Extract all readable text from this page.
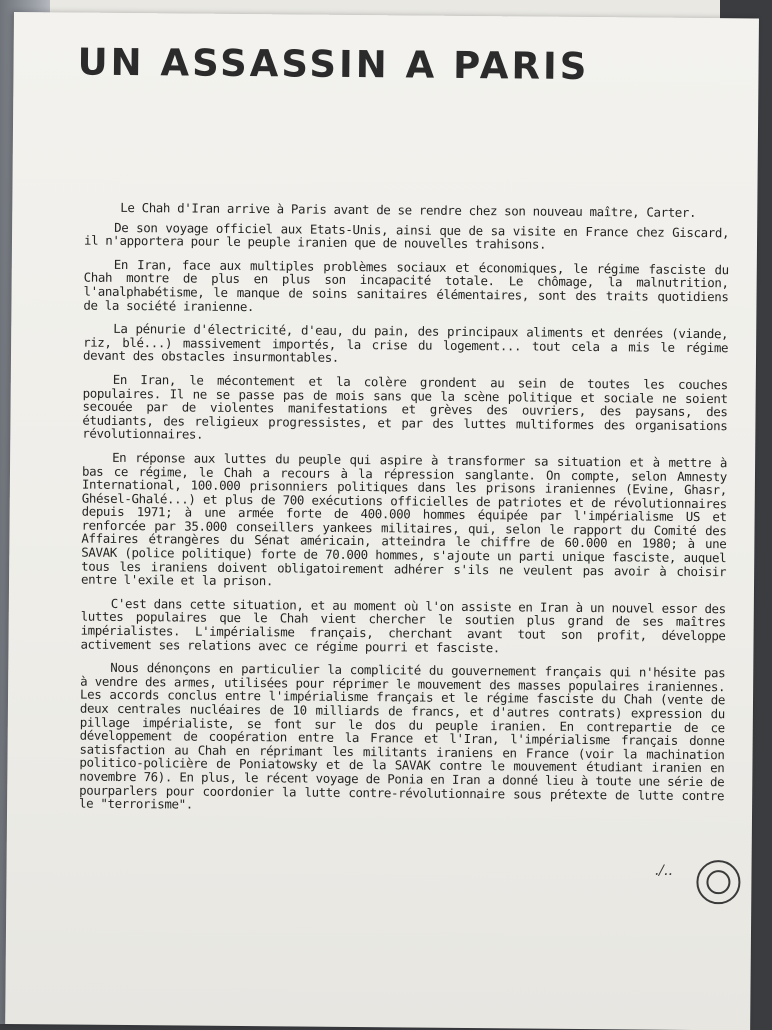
UN ASSASSIN A PARIS

Le Chah d'Iran arrive à Paris avant de se rendre chez son nouveau maître, Carter.

De son voyage officiel aux Etats-Unis, ainsi que de sa visite en France chez Giscard, il n'apportera pour le peuple iranien que de nouvelles trahisons.

En Iran, face aux multiples problèmes sociaux et économiques, le régime fasciste du Chah montre de plus en plus son incapacité totale. Le chômage, la malnutrition, l'analphabétisme, le manque de soins sanitaires élémentaires, sont des traits quotidiens de la société iranienne.

La pénurie d'électricité, d'eau, du pain, des principaux aliments et denrées (viande, riz, blé...) massivement importés, la crise du logement... tout cela a mis le régime devant des obstacles insurmontables.

En Iran, le mécontement et la colère grondent au sein de toutes les couches populaires. Il ne se passe pas de mois sans que la scène politique et sociale ne soient secouée par de violentes manifestations et grèves des ouvriers, des paysans, des étudiants, des religieux progressistes, et par des luttes multiformes des organisations révolutionnaires.

En réponse aux luttes du peuple qui aspire à transformer sa situation et à mettre à bas ce régime, le Chah a recours à la répression sanglante. On compte, selon Amnesty International, 100.000 prisonniers politiques dans les prisons iraniennes (Evine, Ghasr, Ghésel-Ghalé...) et plus de 700 exécutions officielles de patriotes et de révolutionnaires depuis 1971; à une armée forte de 400.000 hommes équipée par l'impérialisme US et renforcée par 35.000 conseillers yankees militaires, qui, selon le rapport du Comité des Affaires étrangères du Sénat américain, atteindra le chiffre de 60.000 en 1980; à une SAVAK (police politique) forte de 70.000 hommes, s'ajoute un parti unique fasciste, auquel tous les iraniens doivent obligatoirement adhérer s'ils ne veulent pas avoir à choisir entre l'exile et la prison.

C'est dans cette situation, et au moment où l'on assiste en Iran à un nouvel essor des luttes populaires que le Chah vient chercher le soutien plus grand de ses maîtres impérialistes. L'impérialisme français, cherchant avant tout son profit, développe activement ses relations avec ce régime pourri et fasciste.

Nous dénonçons en particulier la complicité du gouvernement français qui n'hésite pas à vendre des armes, utilisées pour réprimer le mouvement des masses populaires iraniennes. Les accords conclus entre l'impérialisme français et le régime fasciste du Chah (vente de deux centrales nucléaires de 10 milliards de francs, et d'autres contrats) expression du pillage impérialiste, se font sur le dos du peuple iranien. En contrepartie de ce développement de coopération entre la France et l'Iran, l'impérialisme français donne satisfaction au Chah en réprimant les militants iraniens en France (voir la machination politico-policière de Poniatowsky et de la SAVAK contre le mouvement étudiant iranien en novembre 76). En plus, le récent voyage de Ponia en Iran a donné lieu à toute une série de pourparlers pour coordonier la lutte contre-révolutionnaire sous prétexte de lutte contre le "terrorisme".

./..
